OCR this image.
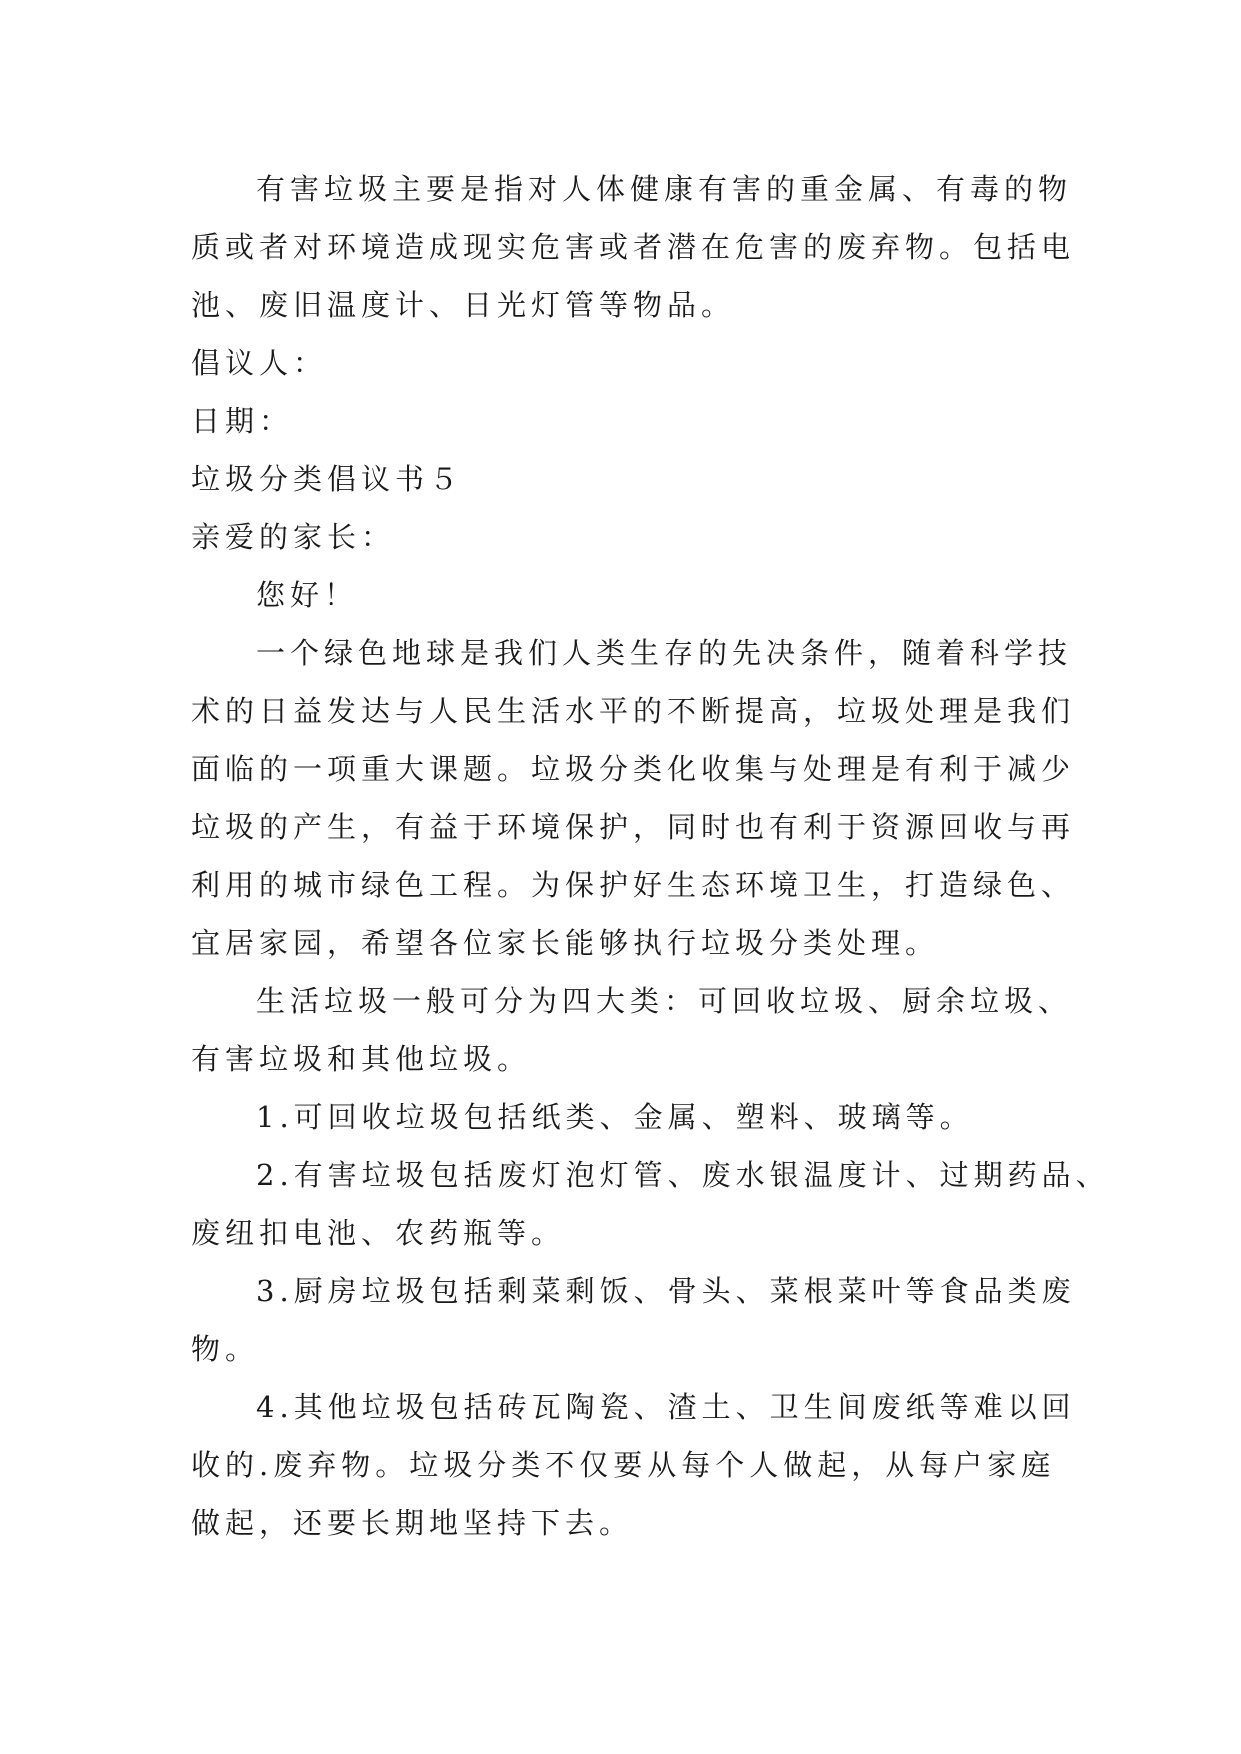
有害垃圾主要是指对人体健康有害的重金属、有毒的物
质或者对环境造成现实危害或者潜在危害的废弃物。包括电
池、废旧温度计、日光灯管等物品。
倡议人：
日期：
垃圾分类倡议书５
亲爱的家长：
您好！
一个绿色地球是我们人类生存的先决条件，随着科学技
术的日益发达与人民生活水平的不断提高，垃圾处理是我们
面临的一项重大课题。垃圾分类化收集与处理是有利于减少
垃圾的产生，有益于环境保护，同时也有利于资源回收与再
利用的城市绿色工程。为保护好生态环境卫生，打造绿色、
宜居家园，希望各位家长能够执行垃圾分类处理。
生活垃圾一般可分为四大类：可回收垃圾、厨余垃圾、
有害垃圾和其他垃圾。
1.可回收垃圾包括纸类、金属、塑料、玻璃等。
2.有害垃圾包括废灯泡灯管、废水银温度计、过期药品、
废纽扣电池、农药瓶等。
3.厨房垃圾包括剩菜剩饭、骨头、菜根菜叶等食品类废
物。
4.其他垃圾包括砖瓦陶瓷、渣土、卫生间废纸等难以回
收的.废弃物。垃圾分类不仅要从每个人做起，从每户家庭
做起，还要长期地坚持下去。
